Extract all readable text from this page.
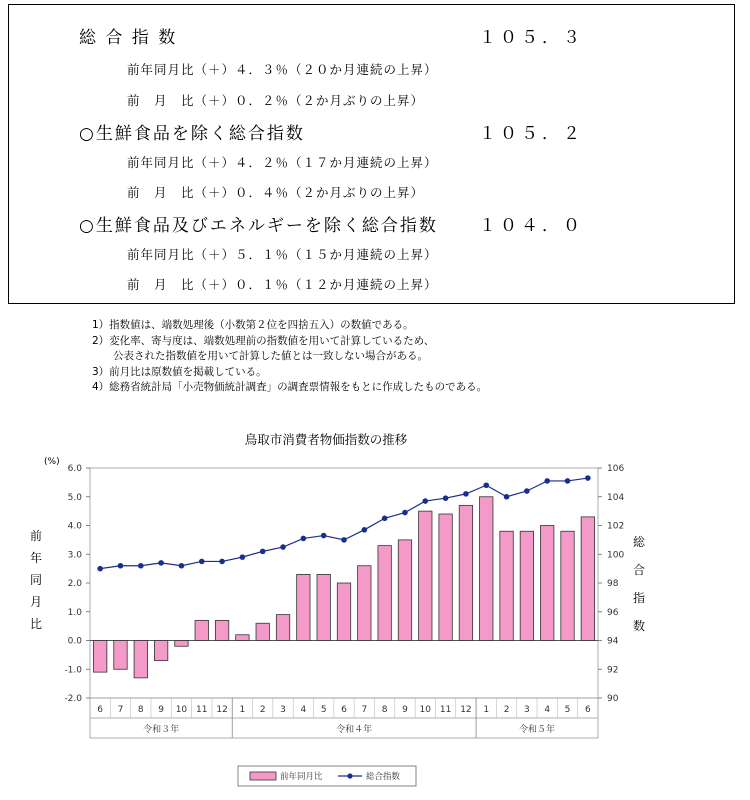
総 合 指 数	１０５．３
前年同月比（＋）４．３％（２０か月連続の上昇）
前　月　比（＋）０．２％（２か月ぶりの上昇）
○生鮮食品を除く総合指数	１０５．２
前年同月比（＋）４．２％（１７か月連続の上昇）
前　月　比（＋）０．４％（２か月ぶりの上昇）
○生鮮食品及びエネルギーを除く総合指数 １０４．０
前年同月比（＋）５．１％（１５か月連続の上昇）
前　月　比（＋）０．１％（１２か月連続の上昇）
1）指数値は、端数処理後（小数第２位を四捨五入）の数値である。
2）変化率、寄与度は、端数処理前の指数値を用いて計算しているため、
　　公表された指数値を用いて計算した値とは一致しない場合がある。
3）前月比は原数値を掲載している。
4）総務省統計局「小売物価統計調査」の調査票情報をもとに作成したものである。
鳥取市消費者物価指数の推移
(%)
-2.0
-1.0
0.0
1.0
2.0
3.0
4.0
5.0
6.0
90
92
94
96
98
100
102
104
106
6 7 8 9 10 11 12 1 2 3 4 5 6 7 8 9 10 11 12 1 2 3 4 5 6
令和３年	令和４年	令和５年
前年同月比	総合指数
前
年
同
月
比
総
合
指
数
